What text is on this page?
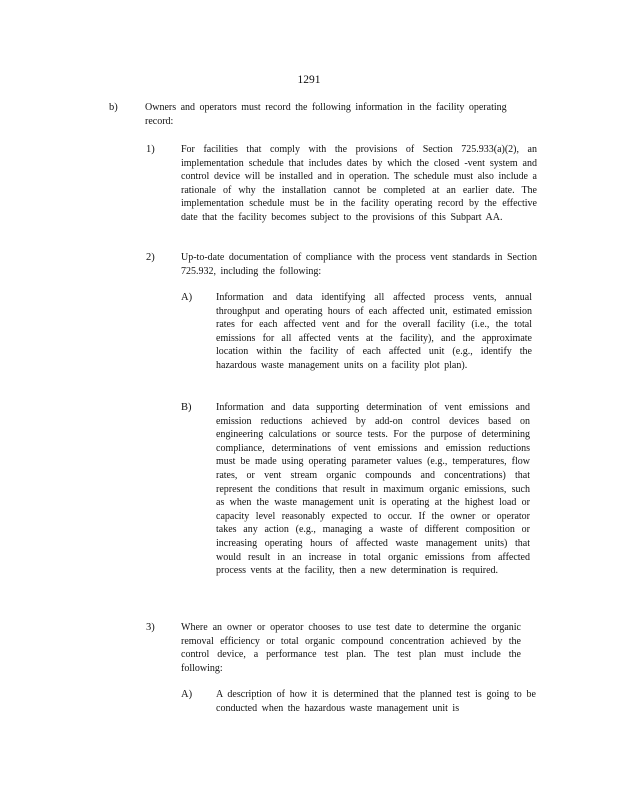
1291
b)	Owners and operators must record the following information in the facility operating record:
1)	For facilities that comply with the provisions of Section 725.933(a)(2), an implementation schedule that includes dates by which the closed -vent system and control device will be installed and in operation. The schedule must also include a rationale of why the installation cannot be completed at an earlier date. The implementation schedule must be in the facility operating record by the effective date that the facility becomes subject to the provisions of this Subpart AA.
2)	Up-to-date documentation of compliance with the process vent standards in Section 725.932, including the following:
A)	Information and data identifying all affected process vents, annual throughput and operating hours of each affected unit, estimated emission rates for each affected vent and for the overall facility (i.e., the total emissions for all affected vents at the facility), and the approximate location within the facility of each affected unit (e.g., identify the hazardous waste management units on a facility plot plan).
B)	Information and data supporting determination of vent emissions and emission reductions achieved by add-on control devices based on engineering calculations or source tests. For the purpose of determining compliance, determinations of vent emissions and emission reductions must be made using operating parameter values (e.g., temperatures, flow rates, or vent stream organic compounds and concentrations) that represent the conditions that result in maximum organic emissions, such as when the waste management unit is operating at the highest load or capacity level reasonably expected to occur. If the owner or operator takes any action (e.g., managing a waste of different composition or increasing operating hours of affected waste management units) that would result in an increase in total organic emissions from affected process vents at the facility, then a new determination is required.
3)	Where an owner or operator chooses to use test date to determine the organic removal efficiency or total organic compound concentration achieved by the control device, a performance test plan. The test plan must include the following:
A)	A description of how it is determined that the planned test is going to be conducted when the hazardous waste management unit is
